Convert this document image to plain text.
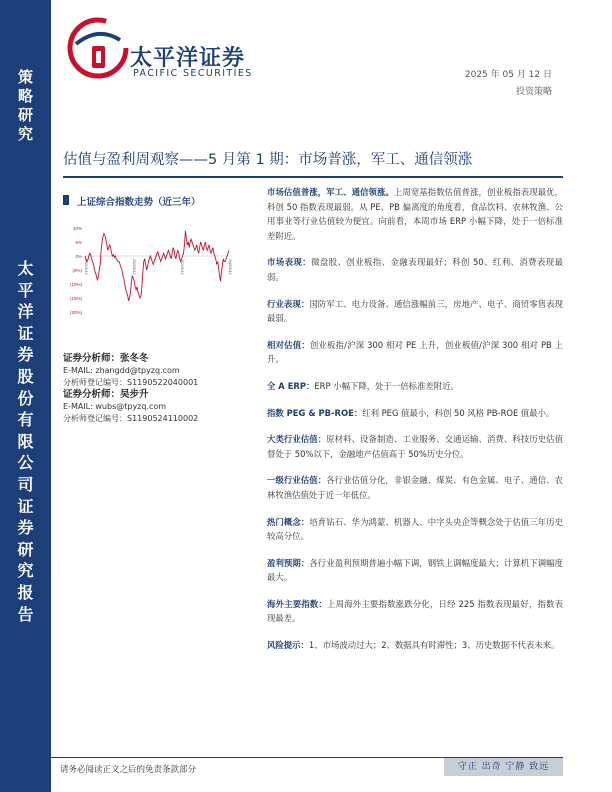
策
略
研
究
太
平
洋
证
券
股
份
有
限
公
司
证
券
研
究
报
告
太平洋证券
PACIFIC SECURITIES	2025 年 05 月 12 日
投资策略
估值与盈利周观察——5 月第 1 期：市场普涨，军工、通信领涨
上证综合指数走势（近三年）
10%
5%
0%
(5%)
(10%)
(15%)
(20%)
2022/5/12	2023/5/12	2024/5/12	2025/5/12
证券分析师：张冬冬
E-MAIL: zhangdd@tpyzq.com
分析师登记编号：S1190522040001
证券分析师：吴步升
E-MAIL: wubs@tpyzq.com
分析师登记编号：S1190524110002

市场估值普涨，军工、通信领涨。上周宽基指数估值普涨，创业板指表现最优，科创 50 指数表现最弱。从 PE、PB 偏离度的角度看，食品饮料、农林牧渔、公用事业等行业估值较为便宜。向前看，本周市场 ERP 小幅下降，处于一倍标准差附近。

市场表现：微盘股、创业板指、金融表现最好；科创 50、红利、消费表现最弱。

行业表现：国防军工、电力设备、通信涨幅前三，房地产、电子、商贸零售表现最弱。

相对估值：创业板指/沪深 300 相对 PE 上升，创业板值/沪深 300 相对 PB 上升。

全 A ERP：ERP 小幅下降，处于一倍标准差附近。

指数 PEG & PB-ROE：红利 PEG 值最小，科创 50 风格 PB-ROE 值最小。

大类行业估值：原材料、设备制造、工业服务、交通运输、消费、科技历史估值督处于 50%以下，金融地产估值高于 50%历史分位。

一级行业估值：各行业估值分化，非银金融、煤炭、有色金属、电子、通信、农林牧渔估值处于近一年低位。

热门概念：培育钻石、华为鸿蒙、机器人、中字头央企等概念处于估值三年历史较高分位。

盈利预期：各行业盈利预期普遍小幅下调，钢铁上调幅度最大；计算机下调幅度最大。

海外主要指数：上周海外主要指数涨跌分化，日经 225 指数表现最好，指数表现最差。

风险提示：1、市场波动过大；2、数据具有时滞性；3、历史数据不代表未来。

请务必阅读正文之后的免责条款部分	守正 出奇 宁静 致远
